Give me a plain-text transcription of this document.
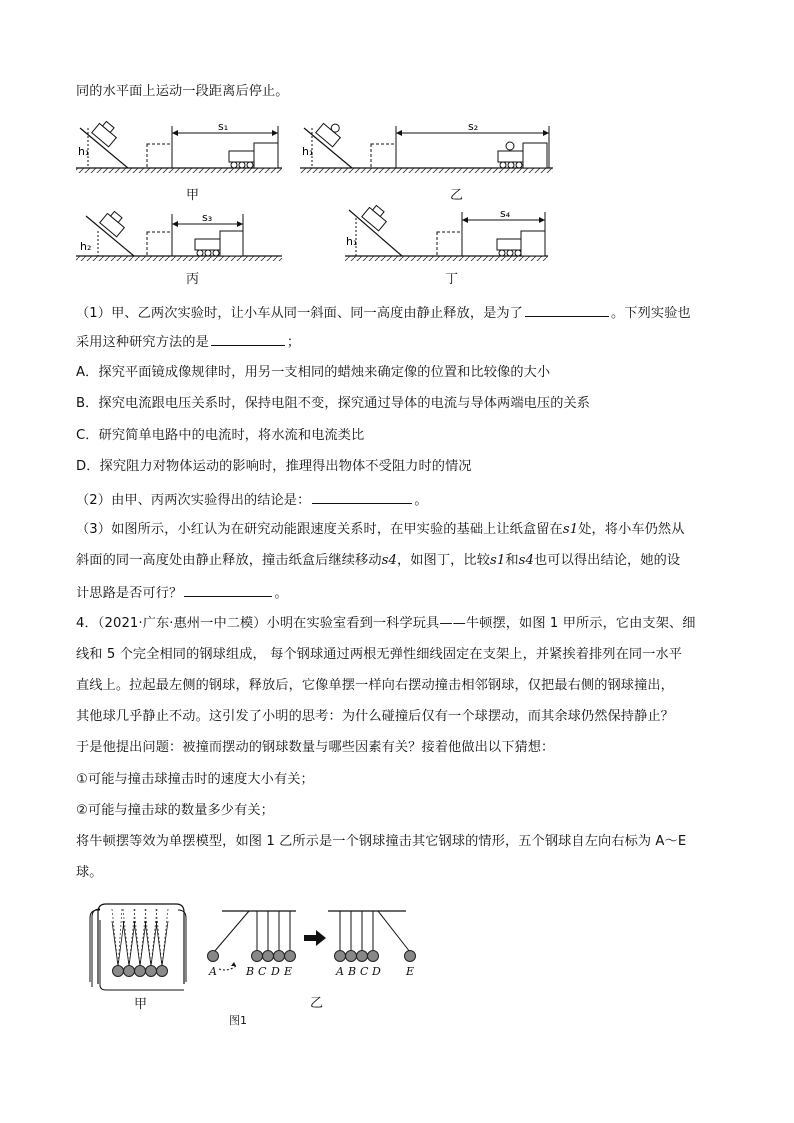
同的水平面上运动一段距离后停止。
h₁
s₁
h₁
s₂
h₂
s₃
h₁
s₄
甲	乙
丙	丁
（1）甲、乙两次实验时，让小车从同一斜面、同一高度由静止释放，是为了	。下列实验也
采用这种研究方法的是	；
A．探究平面镜成像规律时，用另一支相同的蜡烛来确定像的位置和比较像的大小
B．探究电流跟电压关系时，保持电阻不变，探究通过导体的电流与导体两端电压的关系
C．研究简单电路中的电流时，将水流和电流类比
D．探究阻力对物体运动的影响时，推理得出物体不受阻力时的情况
（2）由甲、丙两次实验得出的结论是：	。
（3）如图所示，小红认为在研究动能跟速度关系时，在甲实验的基础上让纸盒留在s1处，将小车仍然从
斜面的同一高度处由静止释放，撞击纸盒后继续移动s4，如图丁，比较s1和s4也可以得出结论，她的设
计思路是否可行？	。
4．（2021·广东·惠州一中二模）小明在实验室看到一科学玩具——牛顿摆，如图 1 甲所示，它由支架、细
线和 5 个完全相同的钢球组成， 每个钢球通过两根无弹性细线固定在支架上，并紧挨着排列在同一水平
直线上。拉起最左侧的钢球，释放后，它像单摆一样向右摆动撞击相邻钢球，仅把最右侧的钢球撞出，
其他球几乎静止不动。这引发了小明的思考：为什么碰撞后仅有一个球摆动，而其余球仍然保持静止？
于是他提出问题：被撞而摆动的钢球数量与哪些因素有关？接着他做出以下猜想：
①可能与撞击球撞击时的速度大小有关；
②可能与撞击球的数量多少有关；
将牛顿摆等效为单摆模型，如图 1 乙所示是一个钢球撞击其它钢球的情形，五个钢球自左向右标为 A～E
球。
A	B C D E	A B C D E
甲	乙
图1
